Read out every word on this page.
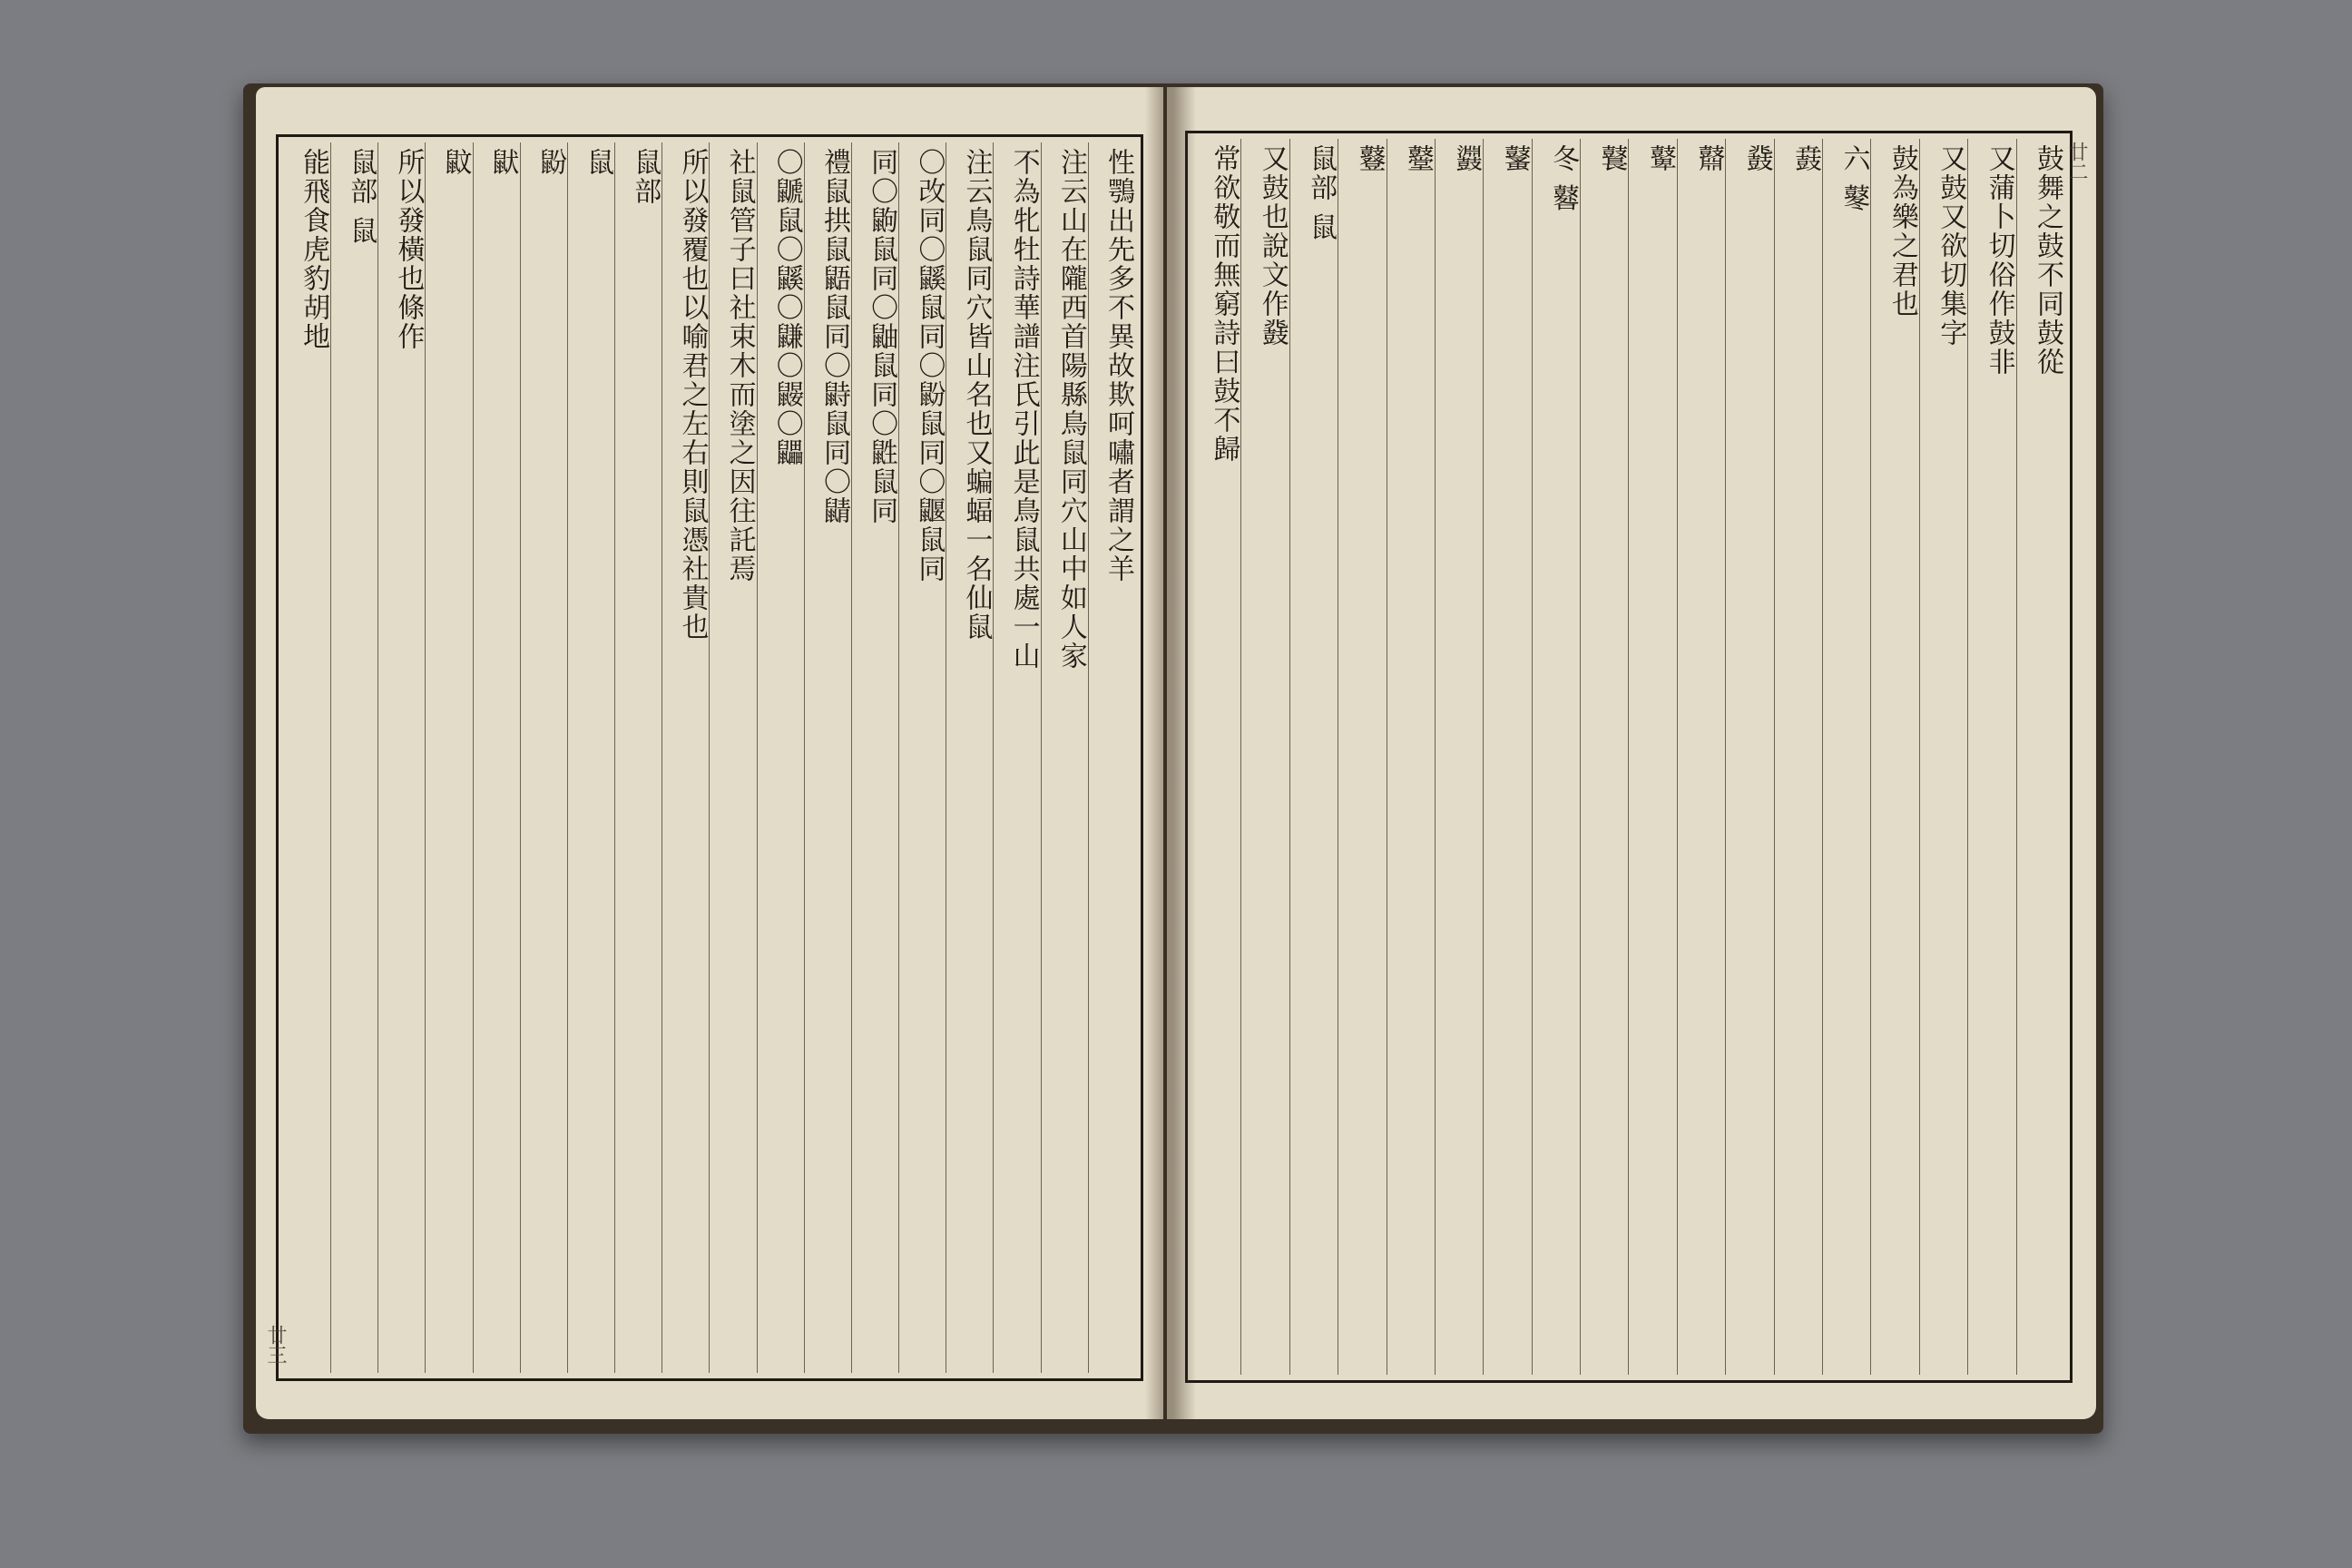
性鶚出先多不異故欺呵嘯者謂之羊
注云山在隴西首陽縣鳥鼠同穴山中如人家
不為牝牡詩華譜注氏引此是鳥鼠共處一山
注云鳥鼠同穴皆山名也又蝙蝠一名仙鼠
〇改同〇鼷鼠同〇鼢鼠同〇鼴鼠同
同〇鼩鼠同〇鼬鼠同〇鼪鼠同
禮鼠拱鼠鼯鼠同〇鼭鼠同〇鼱
〇鼶鼠〇鼷〇鼸〇鼹〇鼺
社鼠管子曰社束木而塗之因往託焉
所以發覆也以喻君之左右則鼠憑社貴也
鼠部
鼠
鼢
鼣
鼤
所以發橫也條作
鼠部 鼠
能飛食虎豹胡地
廿三
鼓舞之鼓不同鼓從
又蒲卜切俗作鼓非
又鼓又欲切集字
鼓為樂之君也
六 鼕
鼖
鼗
鼘
鼙
鼚
冬 鼛
鼜
鼝
鼞
鼟
鼠部 鼠
又鼓也說文作鼗
常欲敬而無窮詩曰鼓不歸	廿二
